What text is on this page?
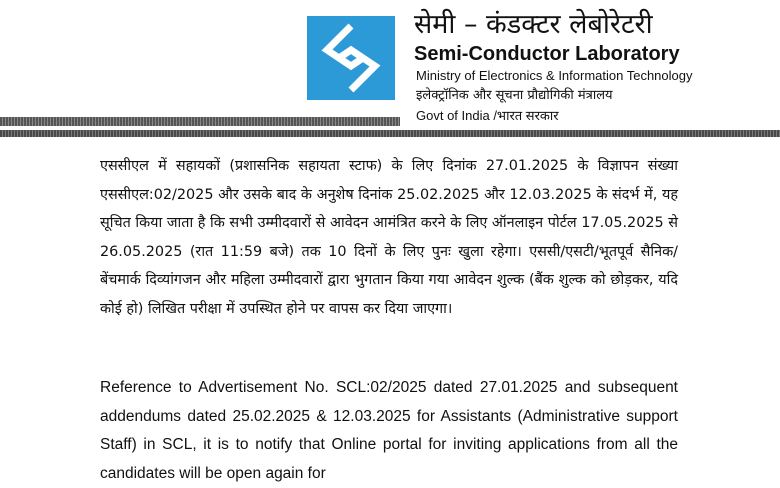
सेमी – कंडक्टर लेबोरेटरी
Semi-Conductor Laboratory
Ministry of Electronics & Information Technology
इलेक्ट्रॉनिक और सूचना प्रौद्योगिकी मंत्रालय
Govt of India /भारत सरकार

एससीएल में सहायकों (प्रशासनिक सहायता स्टाफ) के लिए दिनांक 27.01.2025 के विज्ञापन संख्या एससीएल:02/2025 और उसके बाद के अनुशेष दिनांक 25.02.2025 और 12.03.2025 के संदर्भ में, यह सूचित किया जाता है कि सभी उम्मीदवारों से आवेदन आमंत्रित करने के लिए ऑनलाइन पोर्टल 17.05.2025 से 26.05.2025 (रात 11:59 बजे) तक 10 दिनों के लिए पुनः खुला रहेगा। एससी/एसटी/भूतपूर्व सैनिक/बेंचमार्क दिव्यांगजन और महिला उम्मीदवारों द्वारा भुगतान किया गया आवेदन शुल्क (बैंक शुल्क को छोड़कर, यदि कोई हो) लिखित परीक्षा में उपस्थित होने पर वापस कर दिया जाएगा।

Reference to Advertisement No. SCL:02/2025 dated 27.01.2025 and subsequent addendums dated 25.02.2025 & 12.03.2025 for Assistants (Administrative support Staff) in SCL, it is to notify that Online portal for inviting applications from all the candidates will be open again for
